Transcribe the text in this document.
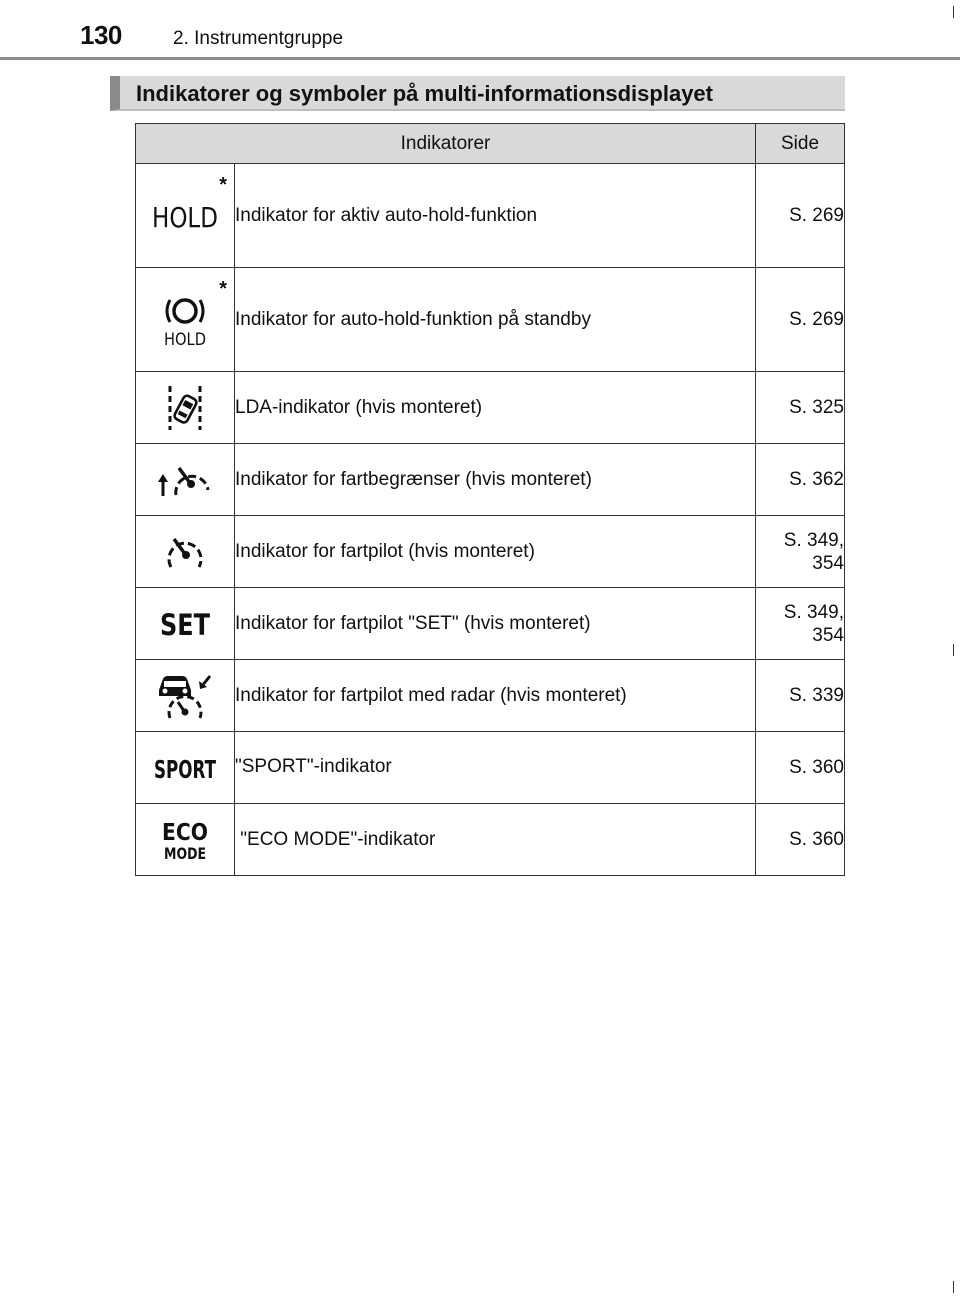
130	2. Instrumentgruppe
Indikatorer og symboler på multi-informationsdisplayet
Indikatorer		Side

*
HOLD	Indikator for aktiv auto-hold-funktion	S. 269

*
HOLD	Indikator for auto-hold-funktion på standby	S. 269
	LDA-indikator (hvis monteret)	S. 325
	Indikator for fartbegrænser (hvis monteret)	S. 362
	Indikator for fartpilot (hvis monteret)	S. 349,
354

SET	Indikator for fartpilot "SET" (hvis monteret)	S. 349,
354
	Indikator for fartpilot med radar (hvis monteret)	S. 339

SPORT	"SPORT"-indikator	S. 360

ECO
MODE	"ECO MODE"-indikator	S. 360
